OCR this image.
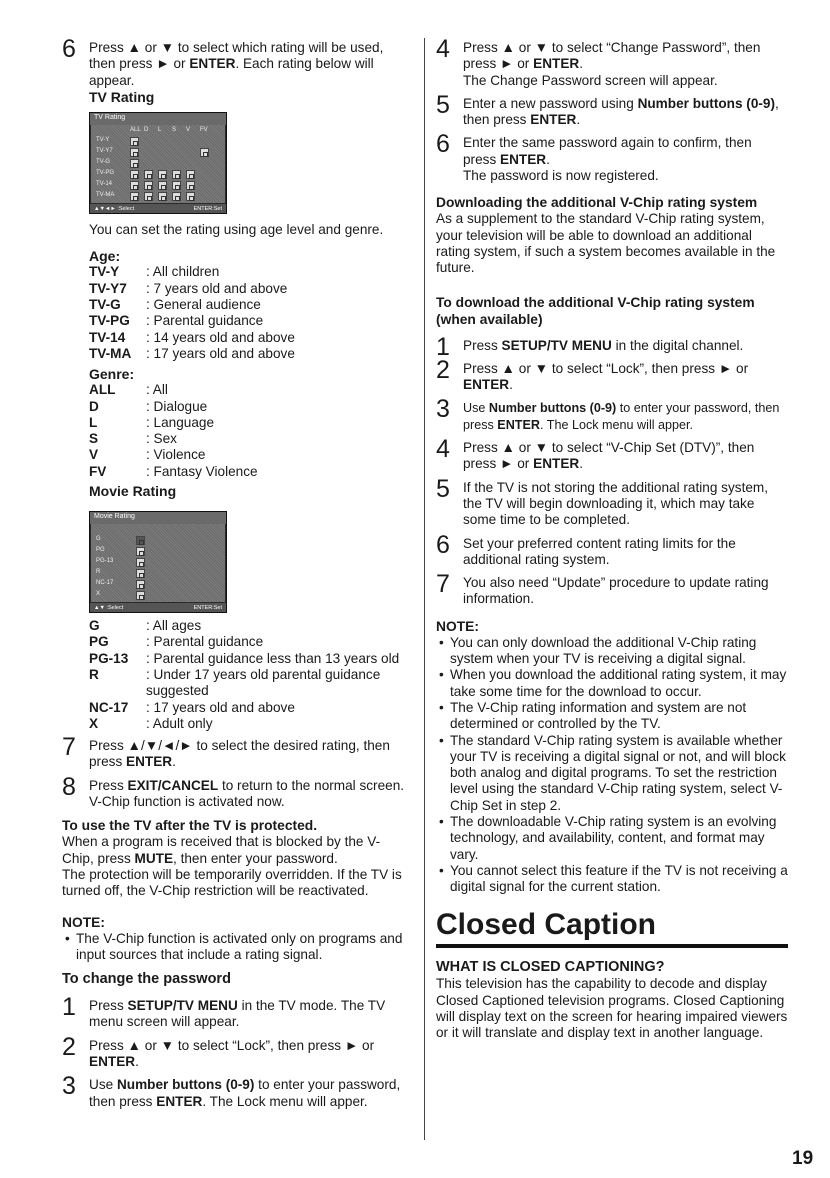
6 Press ▲ or ▼ to select which rating will be used, then press ► or ENTER. Each rating below will appear.
TV Rating
TV Rating
▲▼◄► :Select	ENTER:Set
ALL D L S V FV
TV-Y
TV-Y7
TV-G
TV-PG
TV-14
TV-MA

You can set the rating using age level and genre.

Age:
TV-Y	: All children
TV-Y7	: 7 years old and above
TV-G	: General audience
TV-PG	: Parental guidance
TV-14	: 14 years old and above
TV-MA	: 17 years old and above
Genre:
ALL	: All
D	: Dialogue
L	: Language
S	: Sex
V	: Violence
FV	: Fantasy Violence
Movie Rating
Movie Rating
▲▼ :Select	ENTER:Set
G
PG
PG-13
R
NC-17
X
G	: All ages
PG	: Parental guidance
PG-13	: Parental guidance less than 13 years old
R	: Under 17 years old parental guidance suggested
NC-17	: 17 years old and above
X	: Adult only
7 Press ▲/▼/◄/► to select the desired rating, then press ENTER.
8 Press EXIT/CANCEL to return to the normal screen. V-Chip function is activated now.
To use the TV after the TV is protected.

When a program is received that is blocked by the V-Chip, press MUTE, then enter your password.

The protection will be temporarily overridden. If the TV is turned off, the V-Chip restriction will be reactivated.

NOTE:
• The V-Chip function is activated only on programs and input sources that include a rating signal.
To change the password
1 Press SETUP/TV MENU in the TV mode. The TV menu screen will appear.
2 Press ▲ or ▼ to select “Lock”, then press ► or ENTER.
3 Use Number buttons (0-9) to enter your password, then press ENTER. The Lock menu will apper.
4 Press ▲ or ▼ to select “Change Password”, then press ► or ENTER.
The Change Password screen will appear.
5 Enter a new password using Number buttons (0-9), then press ENTER.
6 Enter the same password again to confirm, then press ENTER.
The password is now registered.
Downloading the additional V-Chip rating system

As a supplement to the standard V-Chip rating system, your television will be able to download an additional rating system, if such a system becomes available in the future.

To download the additional V-Chip rating system (when available)
1 Press SETUP/TV MENU in the digital channel.
2 Press ▲ or ▼ to select “Lock”, then press ► or ENTER.
3 Use Number buttons (0-9) to enter your password, then press ENTER. The Lock menu will apper.
4 Press ▲ or ▼ to select “V-Chip Set (DTV)”, then press ► or ENTER.
5 If the TV is not storing the additional rating system, the TV will begin downloading it, which may take some time to be completed.
6 Set your preferred content rating limits for the additional rating system.
7 You also need “Update” procedure to update rating information.
NOTE:
• You can only download the additional V-Chip rating system when your TV is receiving a digital signal.
• When you download the additional rating system, it may take some time for the download to occur.
• The V-Chip rating information and system are not determined or controlled by the TV.
• The standard V-Chip rating system is available whether your TV is receiving a digital signal or not, and will block both analog and digital programs. To set the restriction level using the standard V-Chip rating system, select V-Chip Set in step 2.
• The downloadable V-Chip rating system is an evolving technology, and availability, content, and format may vary.
• You cannot select this feature if the TV is not receiving a digital signal for the current station.
Closed Caption
WHAT IS CLOSED CAPTIONING?

This television has the capability to decode and display Closed Captioned television programs. Closed Captioning will display text on the screen for hearing impaired viewers or it will translate and display text in another language.

19
